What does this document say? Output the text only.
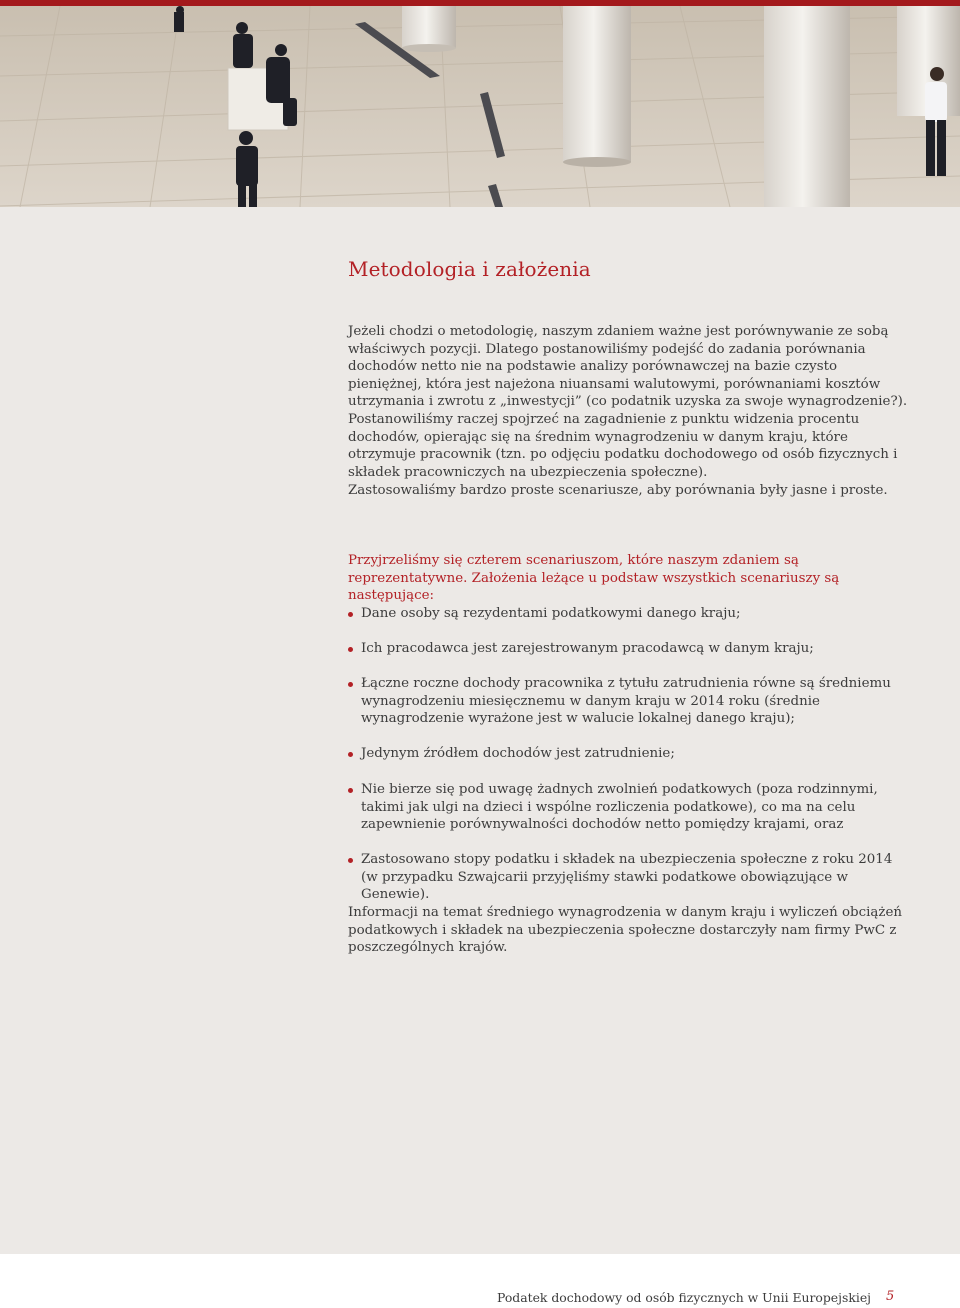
Metodologia i założenia

Jeżeli chodzi o metodologię, naszym zdaniem ważne jest porównywanie ze sobą właściwych pozycji. Dlatego postanowiliśmy podejść do zadania porównania dochodów netto nie na podstawie analizy porównawczej na bazie czysto pieniężnej, która jest najeżona niuansami walutowymi, porównaniami kosztów utrzymania i zwrotu z „inwestycji” (co podatnik uzyska za swoje wynagrodzenie?). Postanowiliśmy raczej spojrzeć na zagadnienie z punktu widzenia procentu dochodów, opierając się na średnim wynagrodzeniu w danym kraju, które otrzymuje pracownik (tzn. po odjęciu podatku dochodowego od osób fizycznych i składek pracowniczych na ubezpieczenia społeczne).

Zastosowaliśmy bardzo proste scenariusze, aby porównania były jasne i proste.

Przyjrzeliśmy się czterem scenariuszom, które naszym zdaniem są reprezentatywne. Założenia leżące u podstaw wszystkich scenariuszy są następujące:

Dane osoby są rezydentami podatkowymi danego kraju;
Ich pracodawca jest zarejestrowanym pracodawcą w danym kraju;
Łączne roczne dochody pracownika z tytułu zatrudnienia równe są średniemu wynagrodzeniu miesięcznemu w danym kraju w 2014 roku (średnie wynagrodzenie wyrażone jest w walucie lokalnej danego kraju);
Jedynym źródłem dochodów jest zatrudnienie;
Nie bierze się pod uwagę żadnych zwolnień podatkowych (poza rodzinnymi, takimi jak ulgi na dzieci i wspólne rozliczenia podatkowe), co ma na celu zapewnienie porównywalności dochodów netto pomiędzy krajami, oraz
Zastosowano stopy podatku i składek na ubezpieczenia społeczne z roku 2014 (w przypadku Szwajcarii przyjęliśmy stawki podatkowe obowiązujące w Genewie).

Informacji na temat średniego wynagrodzenia w danym kraju i wyliczeń obciążeń podatkowych i składek na ubezpieczenia społeczne dostarczyły nam firmy PwC z poszczególnych krajów.

Podatek dochodowy od osób fizycznych w Unii Europejskiej 5
